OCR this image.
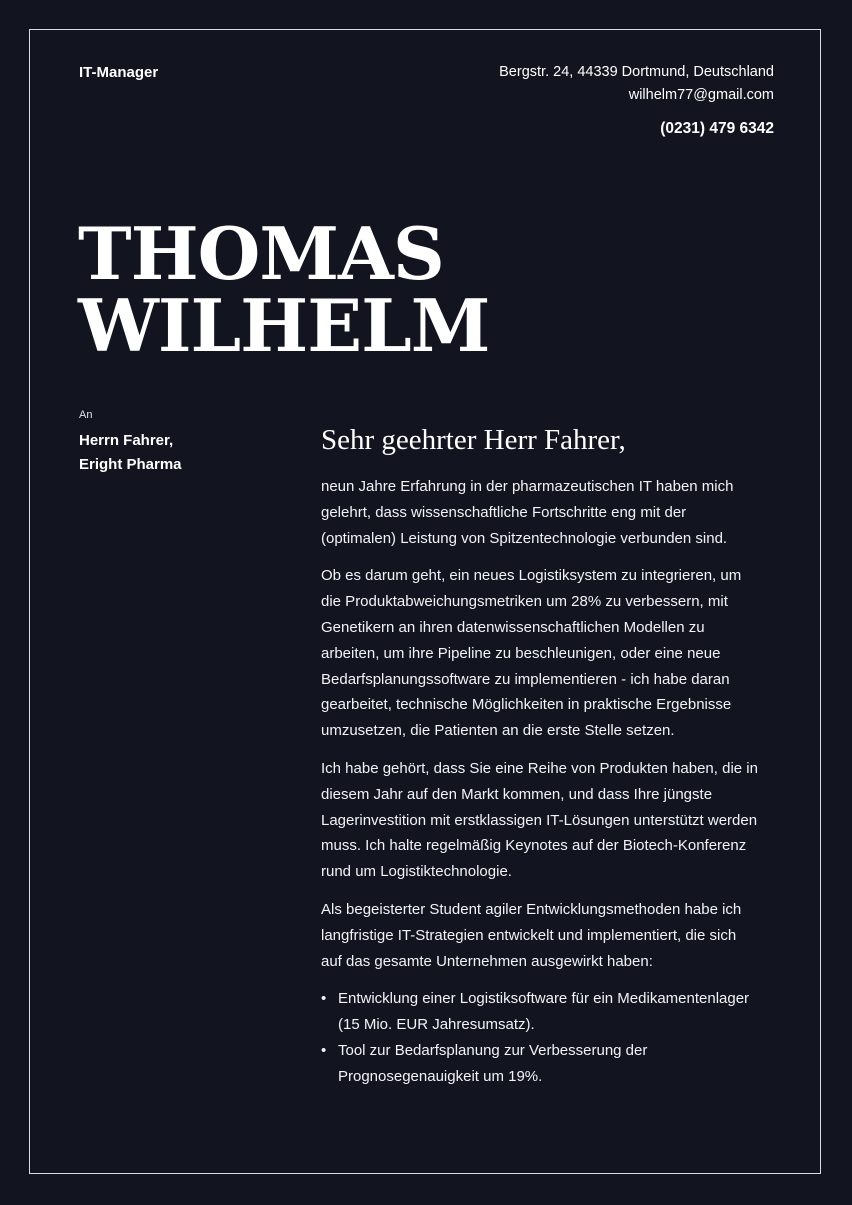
IT-Manager	Bergstr. 24, 44339 Dortmund, Deutschland
wilhelm77@gmail.com
(0231) 479 6342
THOMAS
WILHELM
An
Herrn Fahrer,
Eright Pharma
Sehr geehrter Herr Fahrer,

neun Jahre Erfahrung in der pharmazeutischen IT haben mich gelehrt, dass wissenschaftliche Fortschritte eng mit der (optimalen) Leistung von Spitzentechnologie verbunden sind.

Ob es darum geht, ein neues Logistiksystem zu integrieren, um die Produktabweichungsmetriken um 28% zu verbessern, mit Genetikern an ihren datenwissenschaftlichen Modellen zu arbeiten, um ihre Pipeline zu beschleunigen, oder eine neue Bedarfsplanungssoftware zu implementieren - ich habe daran gearbeitet, technische Möglichkeiten in praktische Ergebnisse umzusetzen, die Patienten an die erste Stelle setzen.

Ich habe gehört, dass Sie eine Reihe von Produkten haben, die in diesem Jahr auf den Markt kommen, und dass Ihre jüngste Lagerinvestition mit erstklassigen IT-Lösungen unterstützt werden muss. Ich halte regelmäßig Keynotes auf der Biotech-Konferenz rund um Logistiktechnologie.

Als begeisterter Student agiler Entwicklungsmethoden habe ich langfristige IT-Strategien entwickelt und implementiert, die sich auf das gesamte Unternehmen ausgewirkt haben:

• Entwicklung einer Logistiksoftware für ein Medikamentenlager (15 Mio. EUR Jahresumsatz).
• Tool zur Bedarfsplanung zur Verbesserung der Prognosegenauigkeit um 19%.
